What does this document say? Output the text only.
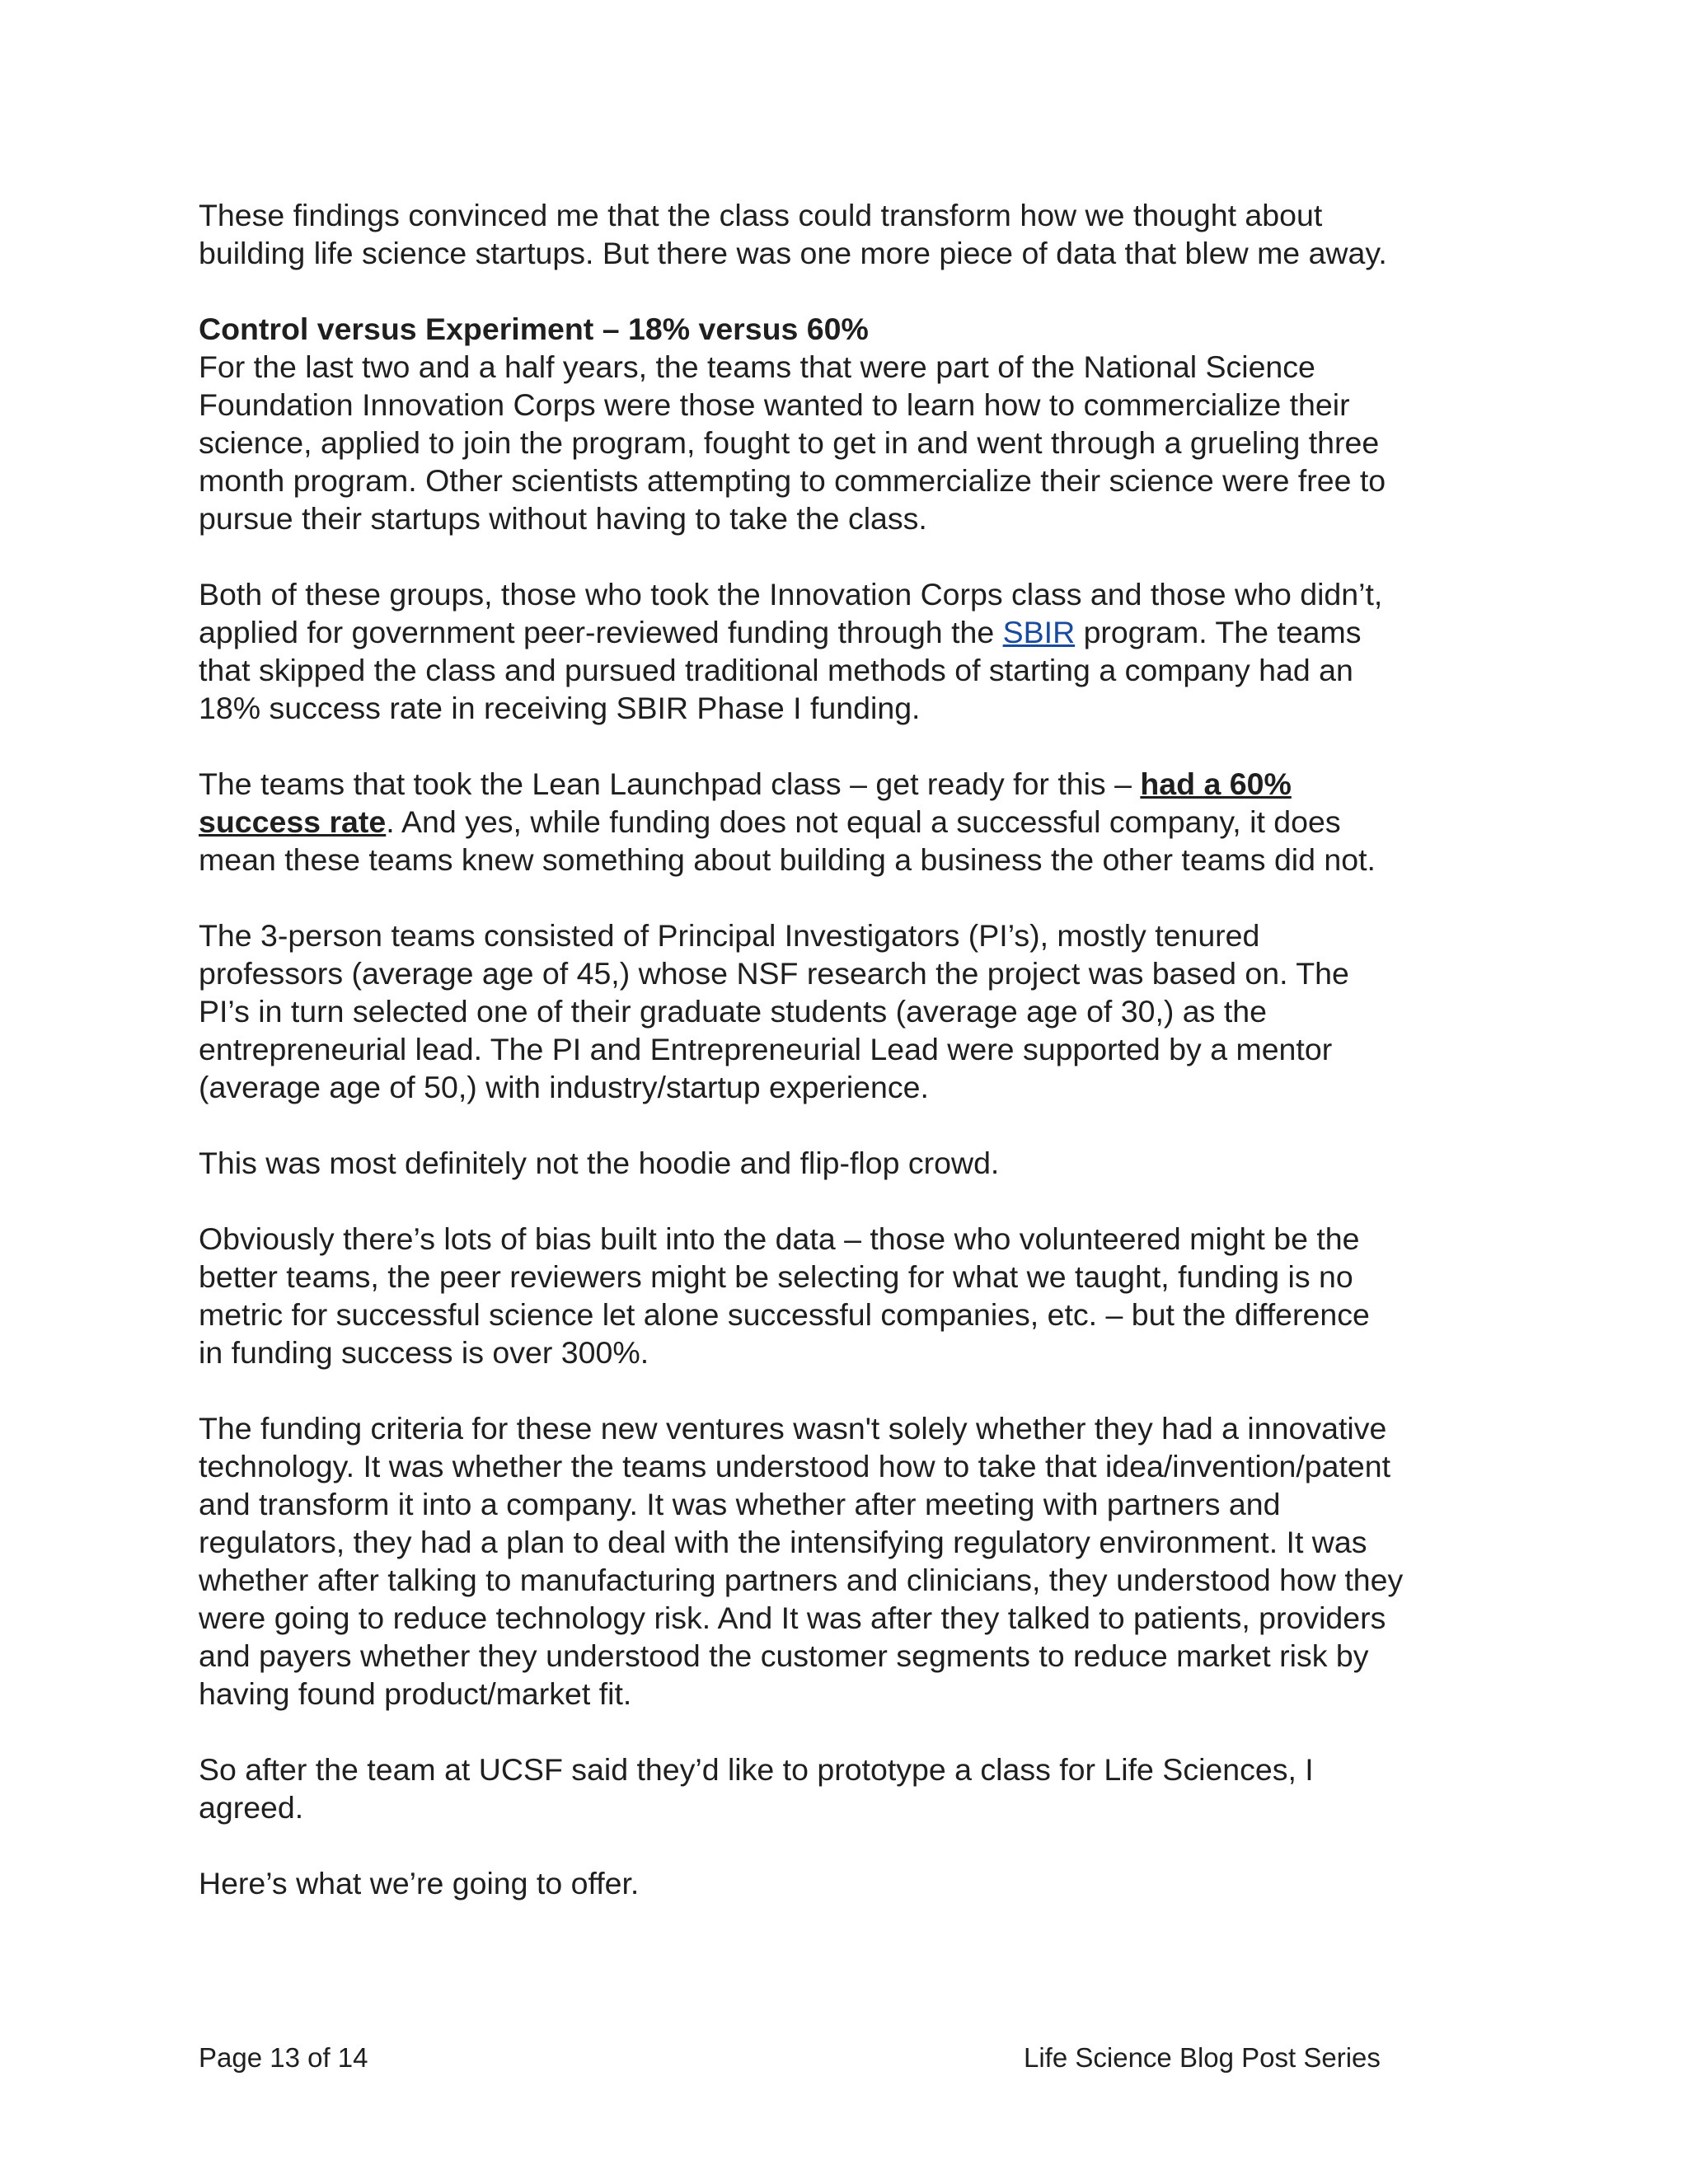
These findings convinced me that the class could transform how we thought about
building life science startups. But there was one more piece of data that blew me away.

Control versus Experiment – 18% versus 60%
For the last two and a half years, the teams that were part of the National Science
Foundation Innovation Corps were those wanted to learn how to commercialize their
science, applied to join the program, fought to get in and went through a grueling three
month program. Other scientists attempting to commercialize their science were free to
pursue their startups without having to take the class.

Both of these groups, those who took the Innovation Corps class and those who didn’t,
applied for government peer-reviewed funding through the SBIR program. The teams
that skipped the class and pursued traditional methods of starting a company had an
18% success rate in receiving SBIR Phase I funding.

The teams that took the Lean Launchpad class – get ready for this – had a 60%
success rate. And yes, while funding does not equal a successful company, it does
mean these teams knew something about building a business the other teams did not.

The 3-person teams consisted of Principal Investigators (PI’s), mostly tenured
professors (average age of 45,) whose NSF research the project was based on. The
PI’s in turn selected one of their graduate students (average age of 30,) as the
entrepreneurial lead. The PI and Entrepreneurial Lead were supported by a mentor
(average age of 50,) with industry/startup experience.

This was most definitely not the hoodie and flip-flop crowd.

Obviously there’s lots of bias built into the data – those who volunteered might be the
better teams, the peer reviewers might be selecting for what we taught, funding is no
metric for successful science let alone successful companies, etc. – but the difference
in funding success is over 300%.

The funding criteria for these new ventures wasn't solely whether they had a innovative
technology. It was whether the teams understood how to take that idea/invention/patent
and transform it into a company. It was whether after meeting with partners and
regulators, they had a plan to deal with the intensifying regulatory environment. It was
whether after talking to manufacturing partners and clinicians, they understood how they
were going to reduce technology risk. And It was after they talked to patients, providers
and payers whether they understood the customer segments to reduce market risk by
having found product/market fit.

So after the team at UCSF said they’d like to prototype a class for Life Sciences, I
agreed.

Here’s what we’re going to offer.

Page 13 of 14	Life Science Blog Post Series
